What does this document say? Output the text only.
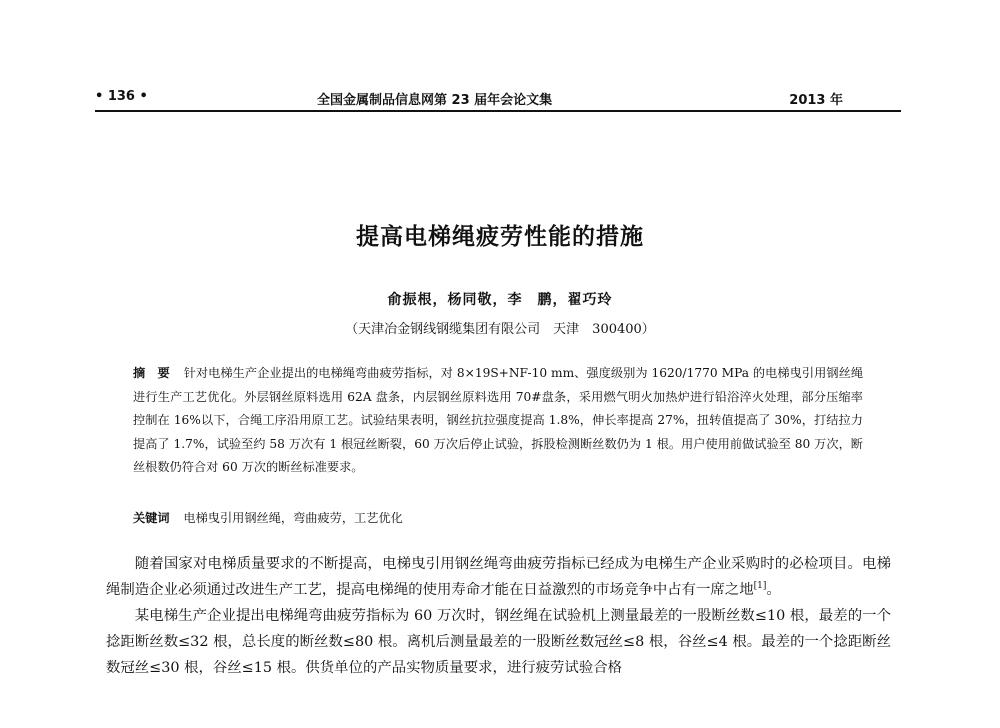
• 136 •	全国金属制品信息网第 23 届年会论文集	2013 年
提高电梯绳疲劳性能的措施
俞振根，杨同敬，李　鹏，翟巧玲
（天津冶金钢线钢缆集团有限公司　天津　300400）
摘　要   针对电梯生产企业提出的电梯绳弯曲疲劳指标，对 8×19S+NF-10 mm、强度级别为 1620/1770 MPa 的电梯曳引用钢丝绳进行生产工艺优化。外层钢丝原料选用 62A 盘条，内层钢丝原料选用 70#盘条，采用燃气明火加热炉进行铅浴淬火处理，部分压缩率控制在 16%以下，合绳工序沿用原工艺。试验结果表明，钢丝抗拉强度提高 1.8%，伸长率提高 27%，扭转值提高了 30%，打结拉力提高了 1.7%，试验至约 58 万次有 1 根冠丝断裂，60 万次后停止试验，拆股检测断丝数仍为 1 根。用户使用前做试验至 80 万次，断丝根数仍符合对 60 万次的断丝标准要求。
关键词   电梯曳引用钢丝绳，弯曲疲劳，工艺优化

随着国家对电梯质量要求的不断提高，电梯曳引用钢丝绳弯曲疲劳指标已经成为电梯生产企业采购时的必检项目。电梯绳制造企业必须通过改进生产工艺，提高电梯绳的使用寿命才能在日益激烈的市场竞争中占有一席之地[1]。

某电梯生产企业提出电梯绳弯曲疲劳指标为 60 万次时，钢丝绳在试验机上测量最差的一股断丝数≤10 根，最差的一个捻距断丝数≤32 根，总长度的断丝数≤80 根。离机后测量最差的一股断丝数冠丝≤8 根，谷丝≤4 根。最差的一个捻距断丝数冠丝≤30 根，谷丝≤15 根。供货单位的产品实物质量要求，进行疲劳试验合格
